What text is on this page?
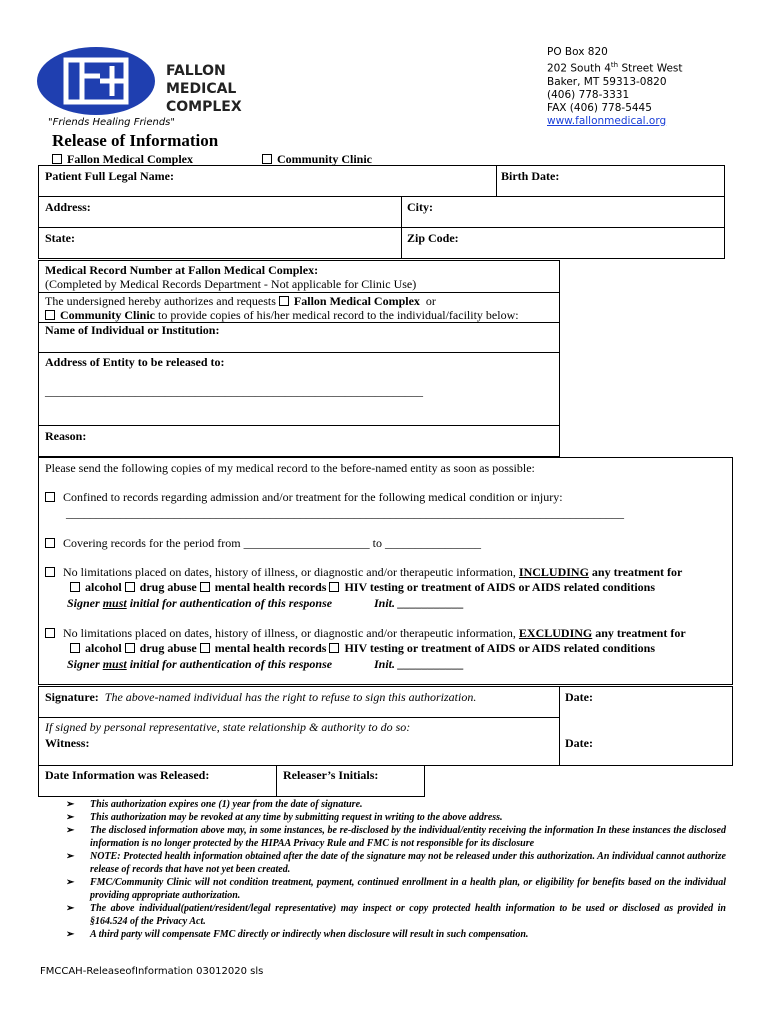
FALLON
MEDICAL
COMPLEX
"Friends Healing Friends"
PO Box 820
202 South 4th Street West
Baker, MT 59313-0820
(406) 778-3331
FAX (406) 778-5445
www.fallonmedical.org
Release of Information
Fallon Medical Complex	Community Clinic
Patient Full Legal Name:	Birth Date:
Address:	City:
State:	Zip Code:
Medical Record Number at Fallon Medical Complex:
(Completed by Medical Records Department - Not applicable for Clinic Use)
The undersigned hereby authorizes and requests Fallon Medical Complex or
Community Clinic to provide copies of his/her medical record to the individual/facility below:
Name of Individual or Institution:
Address of Entity to be released to:
_______________________________________________________________
Reason:
Please send the following copies of my medical record to the before-named entity as soon as possible:
Confined to records regarding admission and/or treatment for the following medical condition or injury:
_____________________________________________________________________________________________
Covering records for the period from _____________________ to ________________
No limitations placed on dates, history of illness, or diagnostic and/or therapeutic information, INCLUDING any treatment for
alcohol drug abuse mental health records HIV testing or treatment of AIDS or AIDS related conditions
Signer must initial for authentication of this response	Init. ___________
No limitations placed on dates, history of illness, or diagnostic and/or therapeutic information, EXCLUDING any treatment for
alcohol drug abuse mental health records HIV testing or treatment of AIDS or AIDS related conditions
Signer must initial for authentication of this response	Init. ___________
Signature: The above-named individual has the right to refuse to sign this authorization.	Date:
If signed by personal representative, state relationship & authority to do so:
Witness:	Date:
Date Information was Released:	Releaser’s Initials:
➢ This authorization expires one (1) year from the date of signature.
➢ This authorization may be revoked at any time by submitting request in writing to the above address.
➢ The disclosed information above may, in some instances, be re-disclosed by the individual/entity receiving the information In these instances the disclosed information is no longer protected by the HIPAA Privacy Rule and FMC is not responsible for its disclosure
➢ NOTE: Protected health information obtained after the date of the signature may not be released under this authorization. An individual cannot authorize release of records that have not yet been created.
➢ FMC/Community Clinic will not condition treatment, payment, continued enrollment in a health plan, or eligibility for benefits based on the individual providing appropriate authorization.
➢ The above individual(patient/resident/legal representative) may inspect or copy protected health information to be used or disclosed as provided in §164.524 of the Privacy Act.
➢ A third party will compensate FMC directly or indirectly when disclosure will result in such compensation.
FMCCAH-ReleaseofInformation 03012020 sls
